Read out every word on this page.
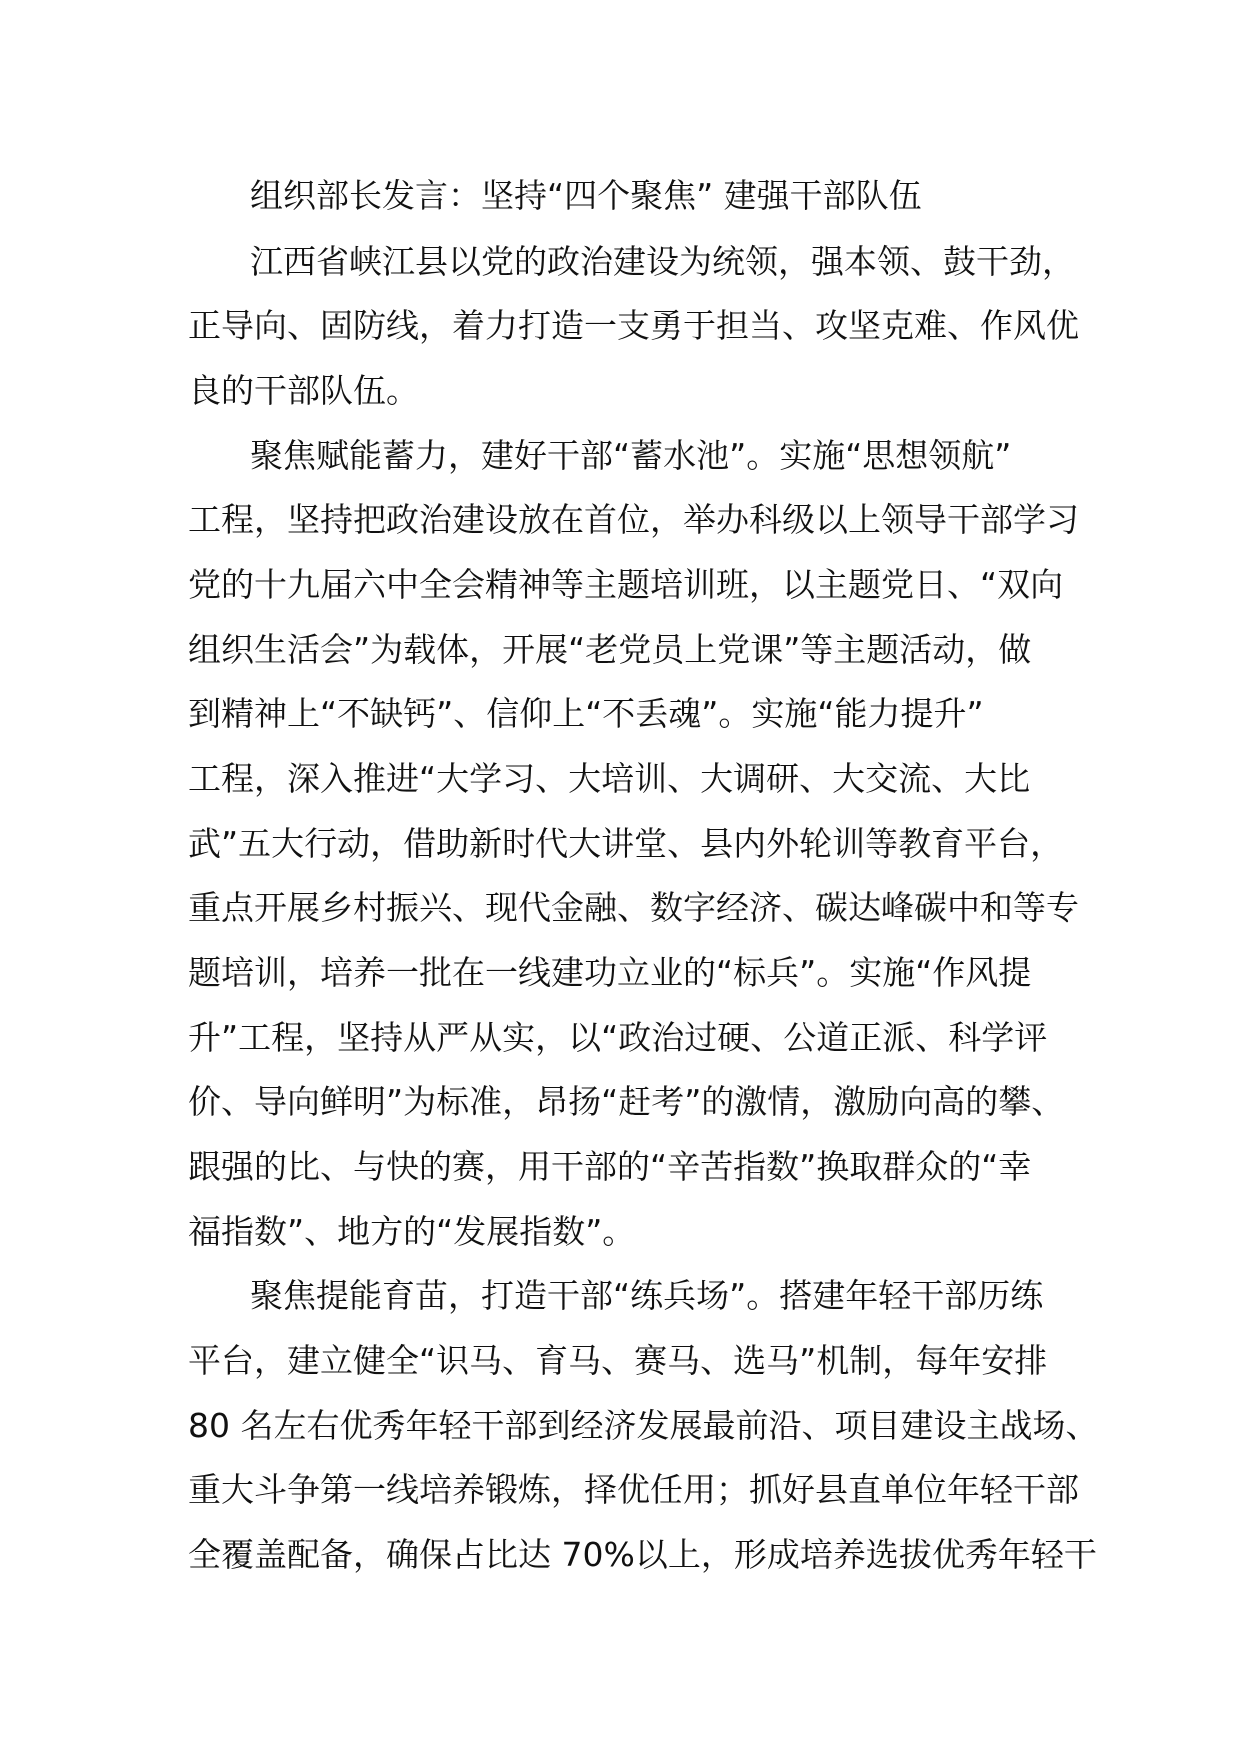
组织部长发言：坚持“四个聚焦” 建强干部队伍
江西省峡江县以党的政治建设为统领，强本领、鼓干劲，
正导向、固防线，着力打造一支勇于担当、攻坚克难、作风优
良的干部队伍。
聚焦赋能蓄力，建好干部“蓄水池”。实施“思想领航”
工程，坚持把政治建设放在首位，举办科级以上领导干部学习
党的十九届六中全会精神等主题培训班，以主题党日、“双向
组织生活会”为载体，开展“老党员上党课”等主题活动，做
到精神上“不缺钙”、信仰上“不丢魂”。实施“能力提升”
工程，深入推进“大学习、大培训、大调研、大交流、大比
武”五大行动，借助新时代大讲堂、县内外轮训等教育平台，
重点开展乡村振兴、现代金融、数字经济、碳达峰碳中和等专
题培训，培养一批在一线建功立业的“标兵”。实施“作风提
升”工程，坚持从严从实，以“政治过硬、公道正派、科学评
价、导向鲜明”为标准，昂扬“赶考”的激情，激励向高的攀、
跟强的比、与快的赛，用干部的“辛苦指数”换取群众的“幸
福指数”、地方的“发展指数”。
聚焦提能育苗，打造干部“练兵场”。搭建年轻干部历练
平台，建立健全“识马、育马、赛马、选马”机制，每年安排
80 名左右优秀年轻干部到经济发展最前沿、项目建设主战场、
重大斗争第一线培养锻炼，择优任用；抓好县直单位年轻干部
全覆盖配备，确保占比达 70%以上，形成培养选拔优秀年轻干
